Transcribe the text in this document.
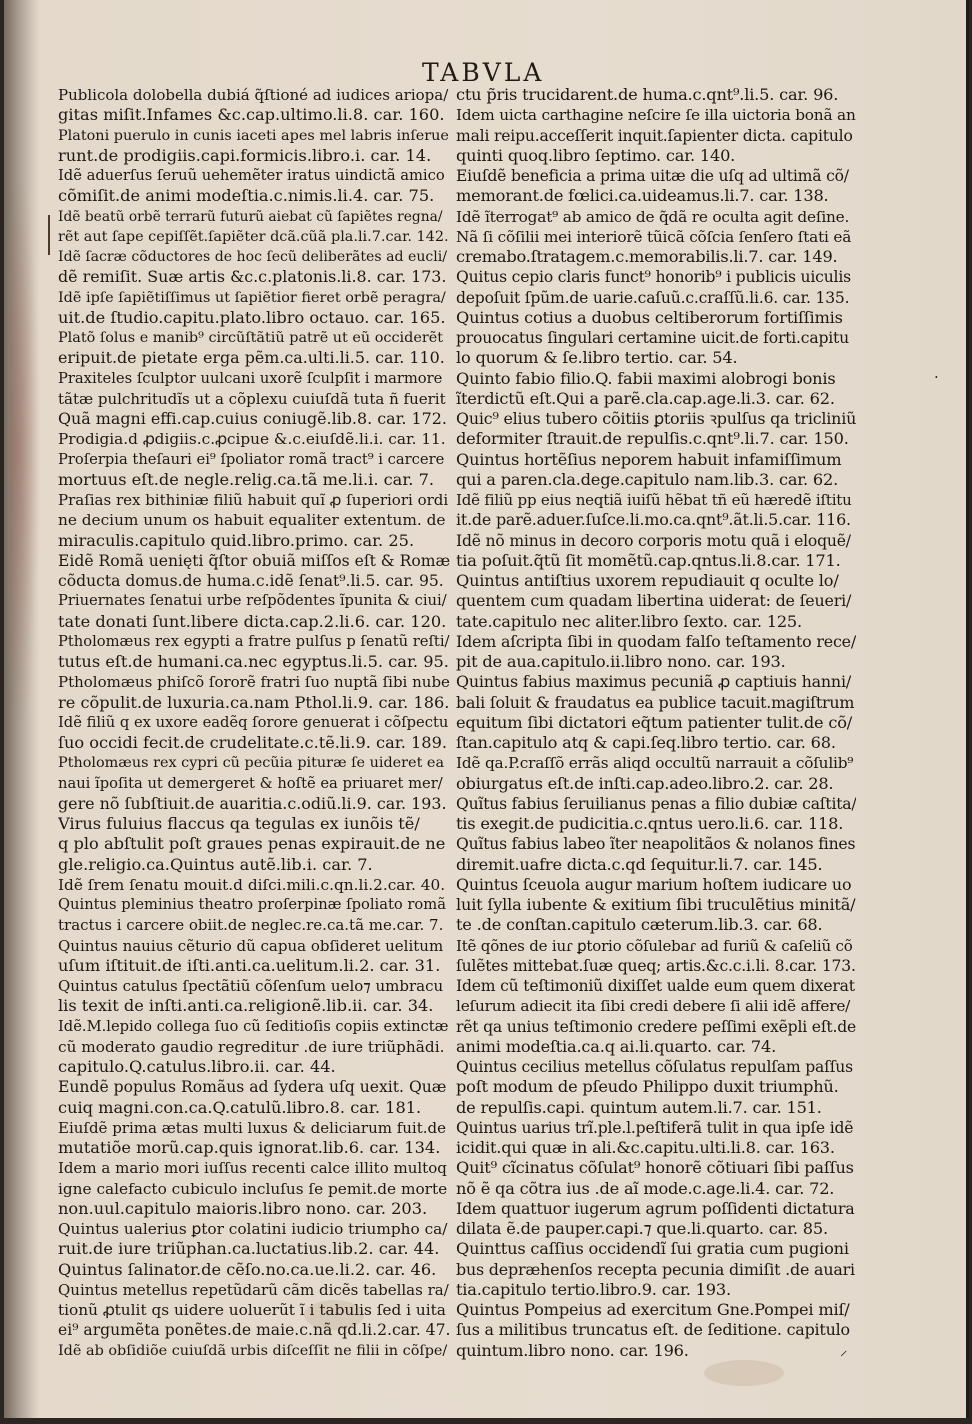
·
⸝
TABVLA
Publicola dolobella dubiá q̃ſtioné ad iudices ariopa/
gitas miſit.Infames &c.cap.ultimo.li.8. car. 160.
Platoni puerulo in cunis iaceti apes mel labris inſerue
runt.de prodigiis.capi.formicis.libro.i. car. 14.
Idẽ aduerſus ſeruũ uehemẽter iratus uindictã amico
cõmiſit.de animi modeſtia.c.nimis.li.4. car. 75.
Idẽ beatũ orbẽ terrarũ futurũ aiebat cũ ſapiẽtes regna/
rẽt aut ſape cepiſſẽt.ſapiẽter dcã.cũã pla.li.7.car. 142.
Idẽ ſacræ cõductores de hoc ſecũ deliberãtes ad eucli/
dẽ remiſit. Suæ artis &c.c.platonis.li.8. car. 173.
Idẽ ipſe ſapiẽtiſſimus ut ſapiẽtior fieret orbẽ peragra/
uit.de ſtudio.capitu.plato.libro octauo. car. 165.
Platõ ſolus e manib⁹ circũſtãtiũ patrẽ ut eũ occiderẽt
eripuit.de pietate erga pẽm.ca.ulti.li.5. car. 110.
Praxiteles ſculptor uulcani uxorẽ ſculpſit i marmore
tãtæ pulchritudĩs ut a cõplexu cuiuſdã tuta ñ fuerit
Quã magni effi.cap.cuius coniugẽ.lib.8. car. 172.
Prodigia.d ꝓdigiis.c.ꝓcipue &.c.eiuſdẽ.li.i. car. 11.
Proſerpia theſauri ei⁹ ſpoliator romã tract⁹ i carcere
mortuus eſt.de negle.relig.ca.tã me.li.i. car. 7.
Praſias rex bithiniæ filiũ habuit quĩ ꝓ ſuperiori ordi
ne decium unum os habuit equaliter extentum. de
miraculis.capitulo quid.libro.primo. car. 25.
Eidẽ Romã uenięti q̃ſtor obuiã miſſos eſt & Romæ
cõducta domus.de huma.c.idẽ ſenat⁹.li.5. car. 95.
Priuernates ſenatui urbe reſpõdentes ĩpunita & ciui/
tate donati ſunt.libere dicta.cap.2.li.6. car. 120.
Ptholomæus rex egypti a fratre pulſus p ſenatũ reſti/
tutus eſt.de humani.ca.nec egyptus.li.5. car. 95.
Ptholomæus phiſcõ ſororẽ fratri ſuo nuptã ſibi nube
re cõpulit.de luxuria.ca.nam Pthol.li.9. car. 186.
Idẽ filiũ q ex uxore eadẽq ſorore genuerat i cõſpectu
ſuo occidi fecit.de crudelitate.c.tẽ.li.9. car. 189.
Ptholomæus rex cypri cũ pecũia pituræ ſe uideret ea
naui ĩpoſita ut demergeret & hoſtẽ ea priuaret mer/
gere nõ ſubſtiuit.de auaritia.c.odiũ.li.9. car. 193.
Virus fuluius flaccus qa tegulas ex iunõis tẽ/
q plo abſtulit poſt graues penas expirauit.de ne
gle.religio.ca.Quintus autẽ.lib.i. car. 7.
Idẽ ſrem ſenatu mouit.d diſci.mili.c.qn.li.2.car. 40.
Quintus pleminius theatro proſerpinæ ſpoliato romã
tractus i carcere obiit.de neglec.re.ca.tã me.car. 7.
Quintus nauius cẽturio dũ capua obſideret uelitum
uſum iſtituit.de iſti.anti.ca.uelitum.li.2. car. 31.
Quintus catulus ſpectãtiũ cõſenſum uelo⁊ umbracu
lis texit de inſti.anti.ca.religionẽ.lib.ii. car. 34.
Idẽ.M.lepido collega ſuo cũ ſeditioſis copiis extinctæ
cũ moderato gaudio regreditur .de iure triũphãdi.
capitulo.Q.catulus.libro.ii. car. 44.
Eundẽ populus Romãus ad ſydera uſq uexit. Quæ
cuiq magni.con.ca.Q.catulũ.libro.8. car. 181.
Eiuſdẽ prima ætas multi luxus & deliciarum fuit.de
mutatiõe morũ.cap.quis ignorat.lib.6. car. 134.
Idem a mario mori iuſſus recenti calce illito multoq
igne calefacto cubiculo incluſus ſe pemit.de morte
non.uul.capitulo maioris.libro nono. car. 203.
Quintus ualerius ꝑtor colatini iudicio triumpho ca/
ruit.de iure triũphan.ca.luctatius.lib.2. car. 44.
Quintus ſalinator.de cẽſo.no.ca.ue.li.2. car. 46.
Quintus metellus repetũdarũ cãm dicẽs tabellas ra/
tionũ ꝓtulit qs uidere uoluerũt ĩ i tabulis ſed i uita
ei⁹ argumẽta ponẽtes.de maie.c.nã qd.li.2.car. 47.
Idẽ ab obſidiõe cuiuſdã urbis diſceſſit ne filii in cõſpe/
ctu p̃ris trucidarent.de huma.c.qnt⁹.li.5. car. 96.
Idem uicta carthagine neſcire ſe illa uictoria bonã an
mali reipu.acceſſerit inquit.ſapienter dicta. capitulo
quinti quoq.libro ſeptimo. car. 140.
Eiuſdẽ beneficia a prima uitæ die uſq ad ultimã cõ/
memorant.de fœlici.ca.uideamus.li.7. car. 138.
Idẽ ĩterrogat⁹ ab amico de q̃dã re oculta agit deſine.
Nã ſi cõſilii mei interiorẽ tũicã cõſcia ſenſero ſtati eã
cremabo.ſtratagem.c.memorabilis.li.7. car. 149.
Quitus cepio claris funct⁹ honorib⁹ i publicis uiculis
depoſuit ſpũm.de uarie.caſuũ.c.craſſũ.li.6. car. 135.
Quintus cotius a duobus celtiberorum fortiſſimis
prouocatus ſingulari certamine uicit.de forti.capitu
lo quorum & ſe.libro tertio. car. 54.
Quinto fabio filio.Q. fabii maximi alobrogi bonis
ĩterdictũ eſt.Qui a parẽ.cla.cap.age.li.3. car. 62.
Quic⁹ elius tubero cõitiis ꝑtoriis ꝛpulſus qa tricliniũ
deformiter ſtrauit.de repulſis.c.qnt⁹.li.7. car. 150.
Quintus hortẽſius neporem habuit infamiſſimum
qui a paren.cla.dege.capitulo nam.lib.3. car. 62.
Idẽ filiũ pp eius neqtiã iuiſũ hẽbat tñ eũ hæredẽ iſtitu
it.de parẽ.aduer.ſuſce.li.mo.ca.qnt⁹.ãt.li.5.car. 116.
Idẽ nõ minus in decoro corporis motu quã i eloquẽ/
tia poſuit.q̃tũ ſit momẽtũ.cap.qntus.li.8.car. 171.
Quintus antiſtius uxorem repudiauit q oculte lo/
quentem cum quadam libertina uiderat: de ſeueri/
tate.capitulo nec aliter.libro ſexto. car. 125.
Idem aſcripta ſibi in quodam falſo teſtamento rece/
pit de aua.capitulo.ii.libro nono. car. 193.
Quintus fabius maximus pecuniã ꝓ captiuis hanni/
bali ſoluit & fraudatus ea publice tacuit.magiſtrum
equitum ſibi dictatori eq̃tum patienter tulit.de cõ/
ſtan.capitulo atq & capi.ſeq.libro tertio. car. 68.
Idẽ qa.P.craſſõ errãs aliqd occultũ narrauit a cõſulib⁹
obiurgatus eſt.de inſti.cap.adeo.libro.2. car. 28.
Quĩtus fabius ſeruilianus penas a filio dubiæ caſtita/
tis exegit.de pudicitia.c.qntus uero.li.6. car. 118.
Quĩtus fabius labeo ĩter neapolitãos & nolanos fines
diremit.uafre dicta.c.qd ſequitur.li.7. car. 145.
Quintus ſceuola augur marium hoſtem iudicare uo
luit ſylla iubente & exitium ſibi truculẽtius minitã/
te .de conſtan.capitulo cæterum.lib.3. car. 68.
Itẽ qõnes de iuɾ ꝑtorio cõſulebaɾ ad furiũ & caſeliũ cõ
ſulẽtes mittebat.ſuæ queq; artis.&c.c.i.li. 8.car. 173.
Idem cũ teſtimoniũ dixiſſet ualde eum quem dixerat
leſurum adiecit ita ſibi credi debere ſi alii idẽ affere/
rẽt qa unius teſtimonio credere peſſimi exẽpli eſt.de
animi modeſtia.ca.q ai.li.quarto. car. 74.
Quintus cecilius metellus cõſulatus repulſam paſſus
poſt modum de pſeudo Philippo duxit triumphũ.
de repulſis.capi. quintum autem.li.7. car. 151.
Quintus uarius trĩ.ple.l.peſtiferã tulit in qua ipſe idẽ
icidit.qui quæ in ali.&c.capitu.ulti.li.8. car. 163.
Quit⁹ cĩcinatus cõſulat⁹ honorẽ cõtiuari ſibi paſſus
nõ ẽ qa cõtra ius .de aĩ mode.c.age.li.4. car. 72.
Idem quattuor iugerum agrum poſſidenti dictatura
dilata ẽ.de pauper.capi.⁊ que.li.quarto. car. 85.
Quinttus caſſius occidendĩ ſui gratia cum pugioni
bus depræhenſos recepta pecunia dimiſit .de auari
tia.capitulo tertio.libro.9. car. 193.
Quintus Pompeius ad exercitum Gne.Pompei miſ/
ſus a militibus truncatus eſt. de ſeditione. capitulo
quintum.libro nono. car. 196.
